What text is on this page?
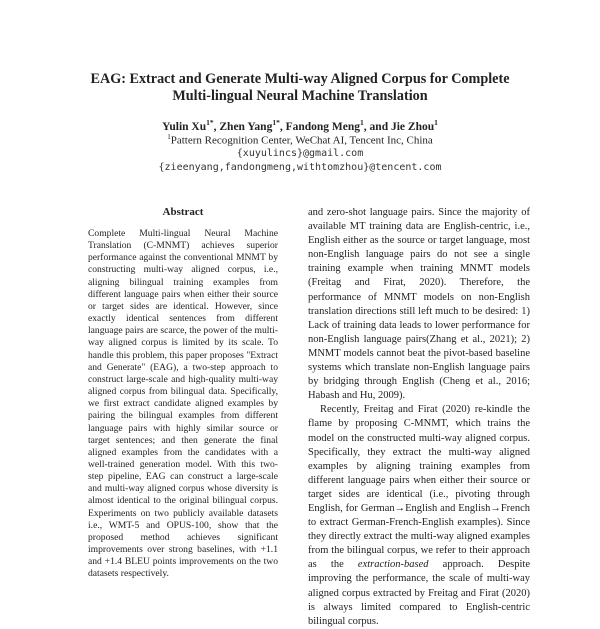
EAG: Extract and Generate Multi-way Aligned Corpus for Complete
Multi-lingual Neural Machine Translation
Yulin $Xu^{1*}$, Zhen Yang$^{1*}$, Fandong Meng$^1$, and Jie Zhou$^1$
$^1$Pattern Recognition Center, WeChat AI, Tencent Inc, China
{xuyulincs}@gmail.com
{zieenyang,fandongmeng,withtomzhou}@tencent.com
Abstract
Complete Multi-lingual Neural Machine Translation (C-MNMT) achieves superior performance against the conventional MNMT by constructing multi-way aligned corpus, i.e., aligning bilingual training examples from different language pairs when either their source or target sides are identical. However, since exactly identical sentences from different language pairs are scarce, the power of the multi-way aligned corpus is limited by its scale. To handle this problem, this paper proposes "Extract and Generate" (EAG), a two-step approach to construct large-scale and high-quality multi-way aligned corpus from bilingual data. Specifically, we first extract candidate aligned examples by pairing the bilingual examples from different language pairs with highly similar source or target sentences; and then generate the final aligned examples from the candidates with a well-trained generation model. With this two-step pipeline, EAG can construct a large-scale and multi-way aligned corpus whose diversity is almost identical to the original bilingual corpus. Experiments on two publicly available datasets i.e., WMT-5 and OPUS-100, show that the proposed method achieves significant improvements over strong baselines, with +1.1 and +1.4 BLEU points improvements on the two datasets respectively.

and zero-shot language pairs. Since the majority of available MT training data are English-centric, i.e., English either as the source or target language, most non-English language pairs do not see a single training example when training MNMT models (Freitag and Firat, 2020). Therefore, the performance of MNMT models on non-English translation directions still left much to be desired: 1) Lack of training data leads to lower performance for non-English language pairs(Zhang et al., 2021); 2) MNMT models cannot beat the pivot-based baseline systems which translate non-English language pairs by bridging through English (Cheng et al., 2016; Habash and Hu, 2009).

Recently, Freitag and Firat (2020) re-kindle the flame by proposing C-MNMT, which trains the model on the constructed multi-way aligned corpus. Specifically, they extract the multi-way aligned examples by aligning training examples from different language pairs when either their source or target sides are identical (i.e., pivoting through English, for German→English and English→French to extract German-French-English examples). Since they directly extract the multi-way aligned examples from the bilingual corpus, we refer to their approach as the extraction-based approach. Despite improving the performance, the scale of multi-way aligned corpus extracted by Freitag and Firat (2020) is always limited compared to English-centric bilingual corpus.
